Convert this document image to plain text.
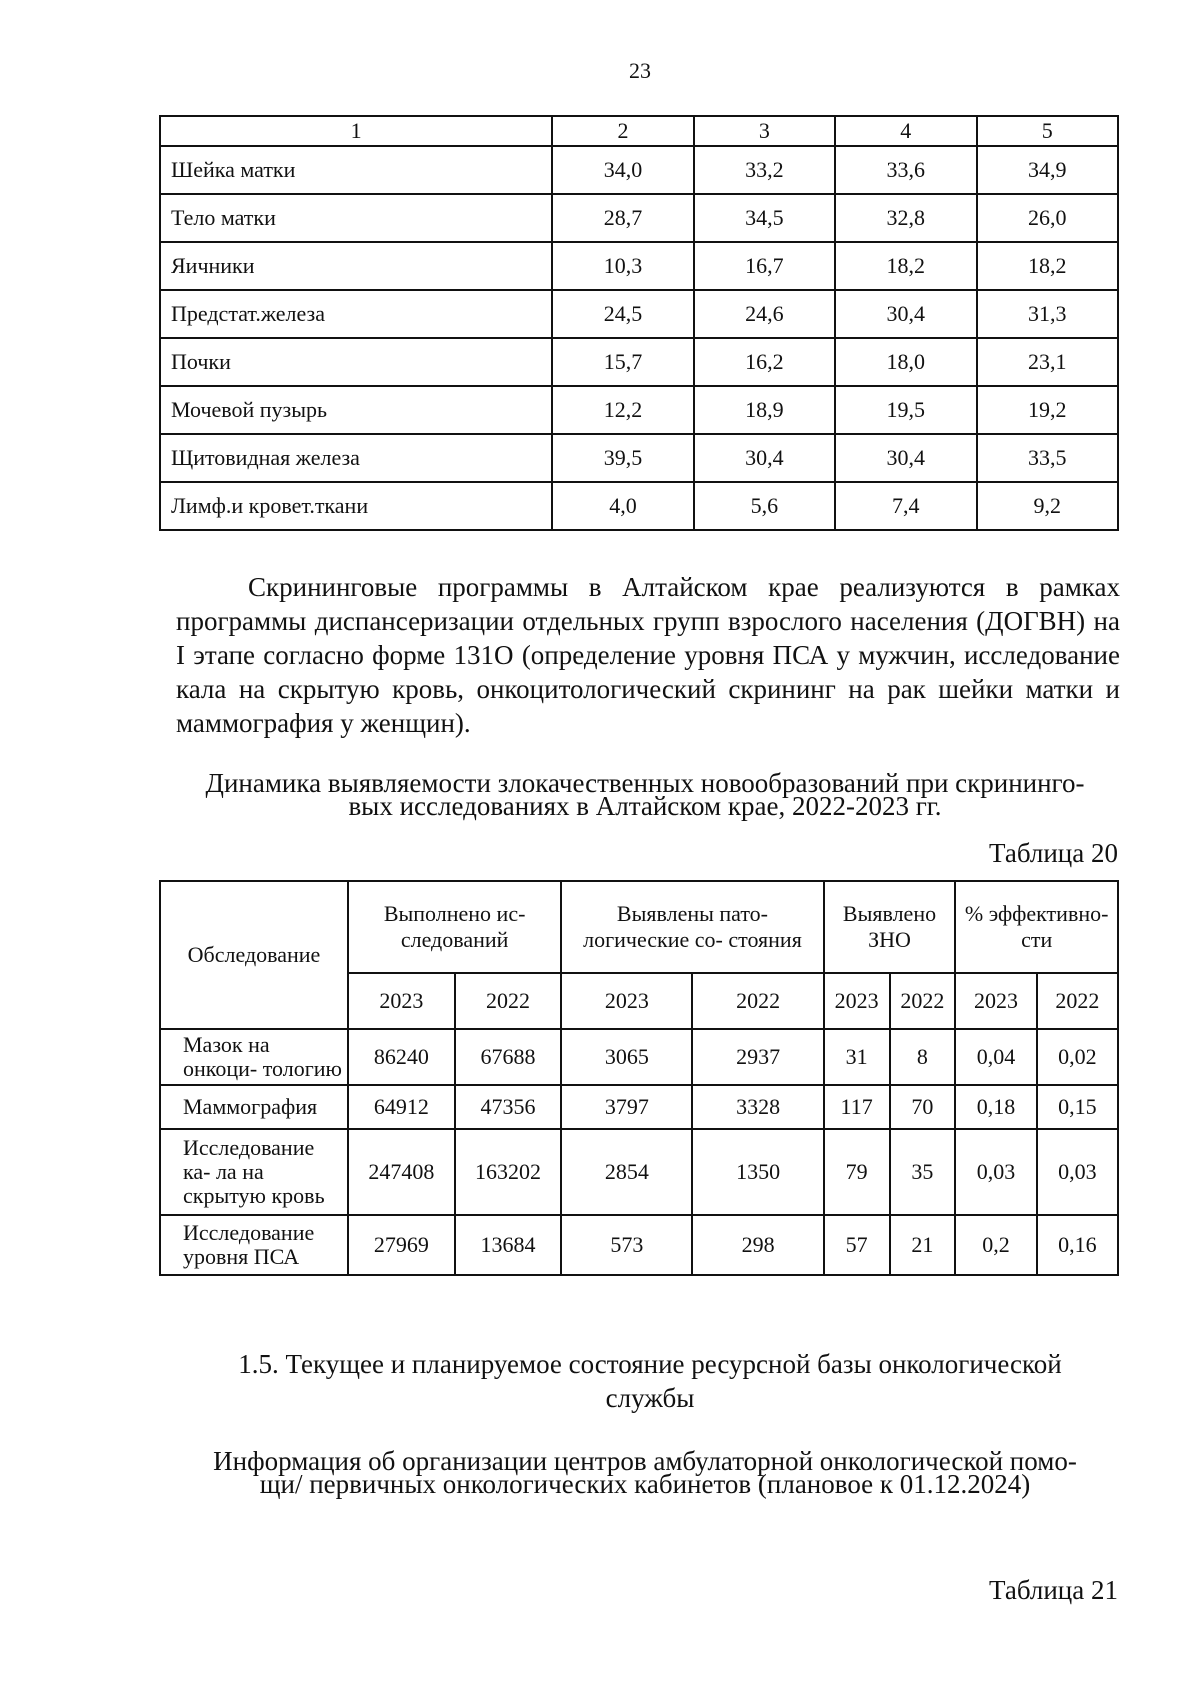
23
1	2	3	4	5
Шейка матки	34,0	33,2	33,6	34,9
Тело матки	28,7	34,5	32,8	26,0
Яичники	10,3	16,7	18,2	18,2
Предстат.железа	24,5	24,6	30,4	31,3
Почки	15,7	16,2	18,0	23,1
Мочевой пузырь	12,2	18,9	19,5	19,2
Щитовидная железа	39,5	30,4	30,4	33,5
Лимф.и кровет.ткани	4,0	5,6	7,4	9,2

Скрининговые программы в Алтайском крае реализуются в рамках программы диспансеризации отдельных групп взрослого населения (ДОГВН) на I этапе согласно форме 131О (определение уровня ПСА у мужчин, исследование кала на скрытую кровь, онкоцитологический скрининг на рак шейки матки и маммография у женщин).

Динамика выявляемости злокачественных новообразований при скрининго-

вых исследованиях в Алтайском крае, 2022-2023 гг.

Таблица 20

Обследование	Выполнено ис- следований		Выявлены пато- логические со- стояния		Выявлено ЗНО		% эффективно- сти	
	2023	2022	2023	2022	2023	2022	2023	2022
Мазок на онкоци- тологию	86240	67688	3065	2937	31	8	0,04	0,02
Маммография	64912	47356	3797	3328	117	70	0,18	0,15
Исследование ка- ла на скрытую кровь	247408	163202	2854	1350	79	35	0,03	0,03
Исследование уровня ПСА	27969	13684	573	298	57	21	0,2	0,16

1.5. Текущее и планируемое состояние ресурсной базы онкологической

службы

Информация об организации центров амбулаторной онкологической помо-

щи/ первичных онкологических кабинетов (плановое к 01.12.2024)

Таблица 21
